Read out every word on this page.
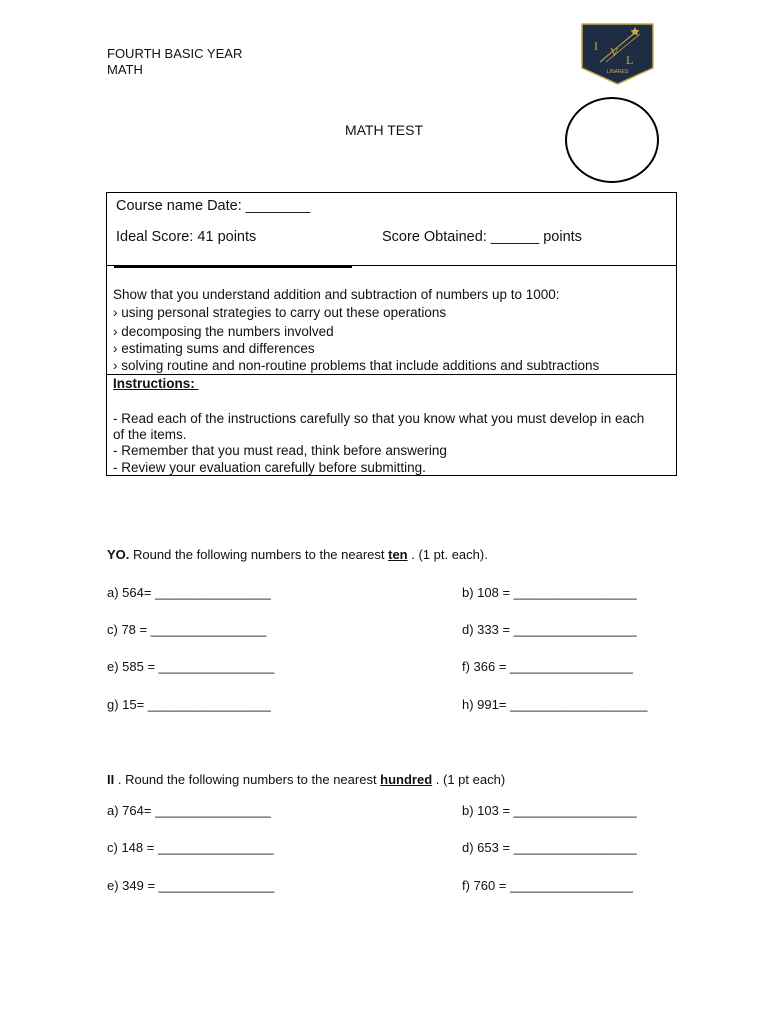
FOURTH BASIC YEAR
MATH
I V
L
LINARES
MATH TEST
Course name Date: ________
Ideal Score: 41 points	Score Obtained: ______ points
Show that you understand addition and subtraction of numbers up to 1000:
› using personal strategies to carry out these operations
› decomposing the numbers involved
› estimating sums and differences
› solving routine and non-routine problems that include additions and subtractions
Instructions:
- Read each of the instructions carefully so that you know what you must develop in each
of the items.
- Remember that you must read, think before answering
- Review your evaluation carefully before submitting.
YO. Round the following numbers to the nearest ten . (1 pt. each).
a) 564= ________________	b) 108 = _________________
c) 78 = ________________	d) 333 = _________________
e) 585 = ________________	f) 366 = _________________
g) 15= _________________	h) 991= ___________________
II . Round the following numbers to the nearest hundred . (1 pt each)
a) 764= ________________	b) 103 = _________________
c) 148 = ________________	d) 653 = _________________
e) 349 = ________________	f) 760 = _________________
